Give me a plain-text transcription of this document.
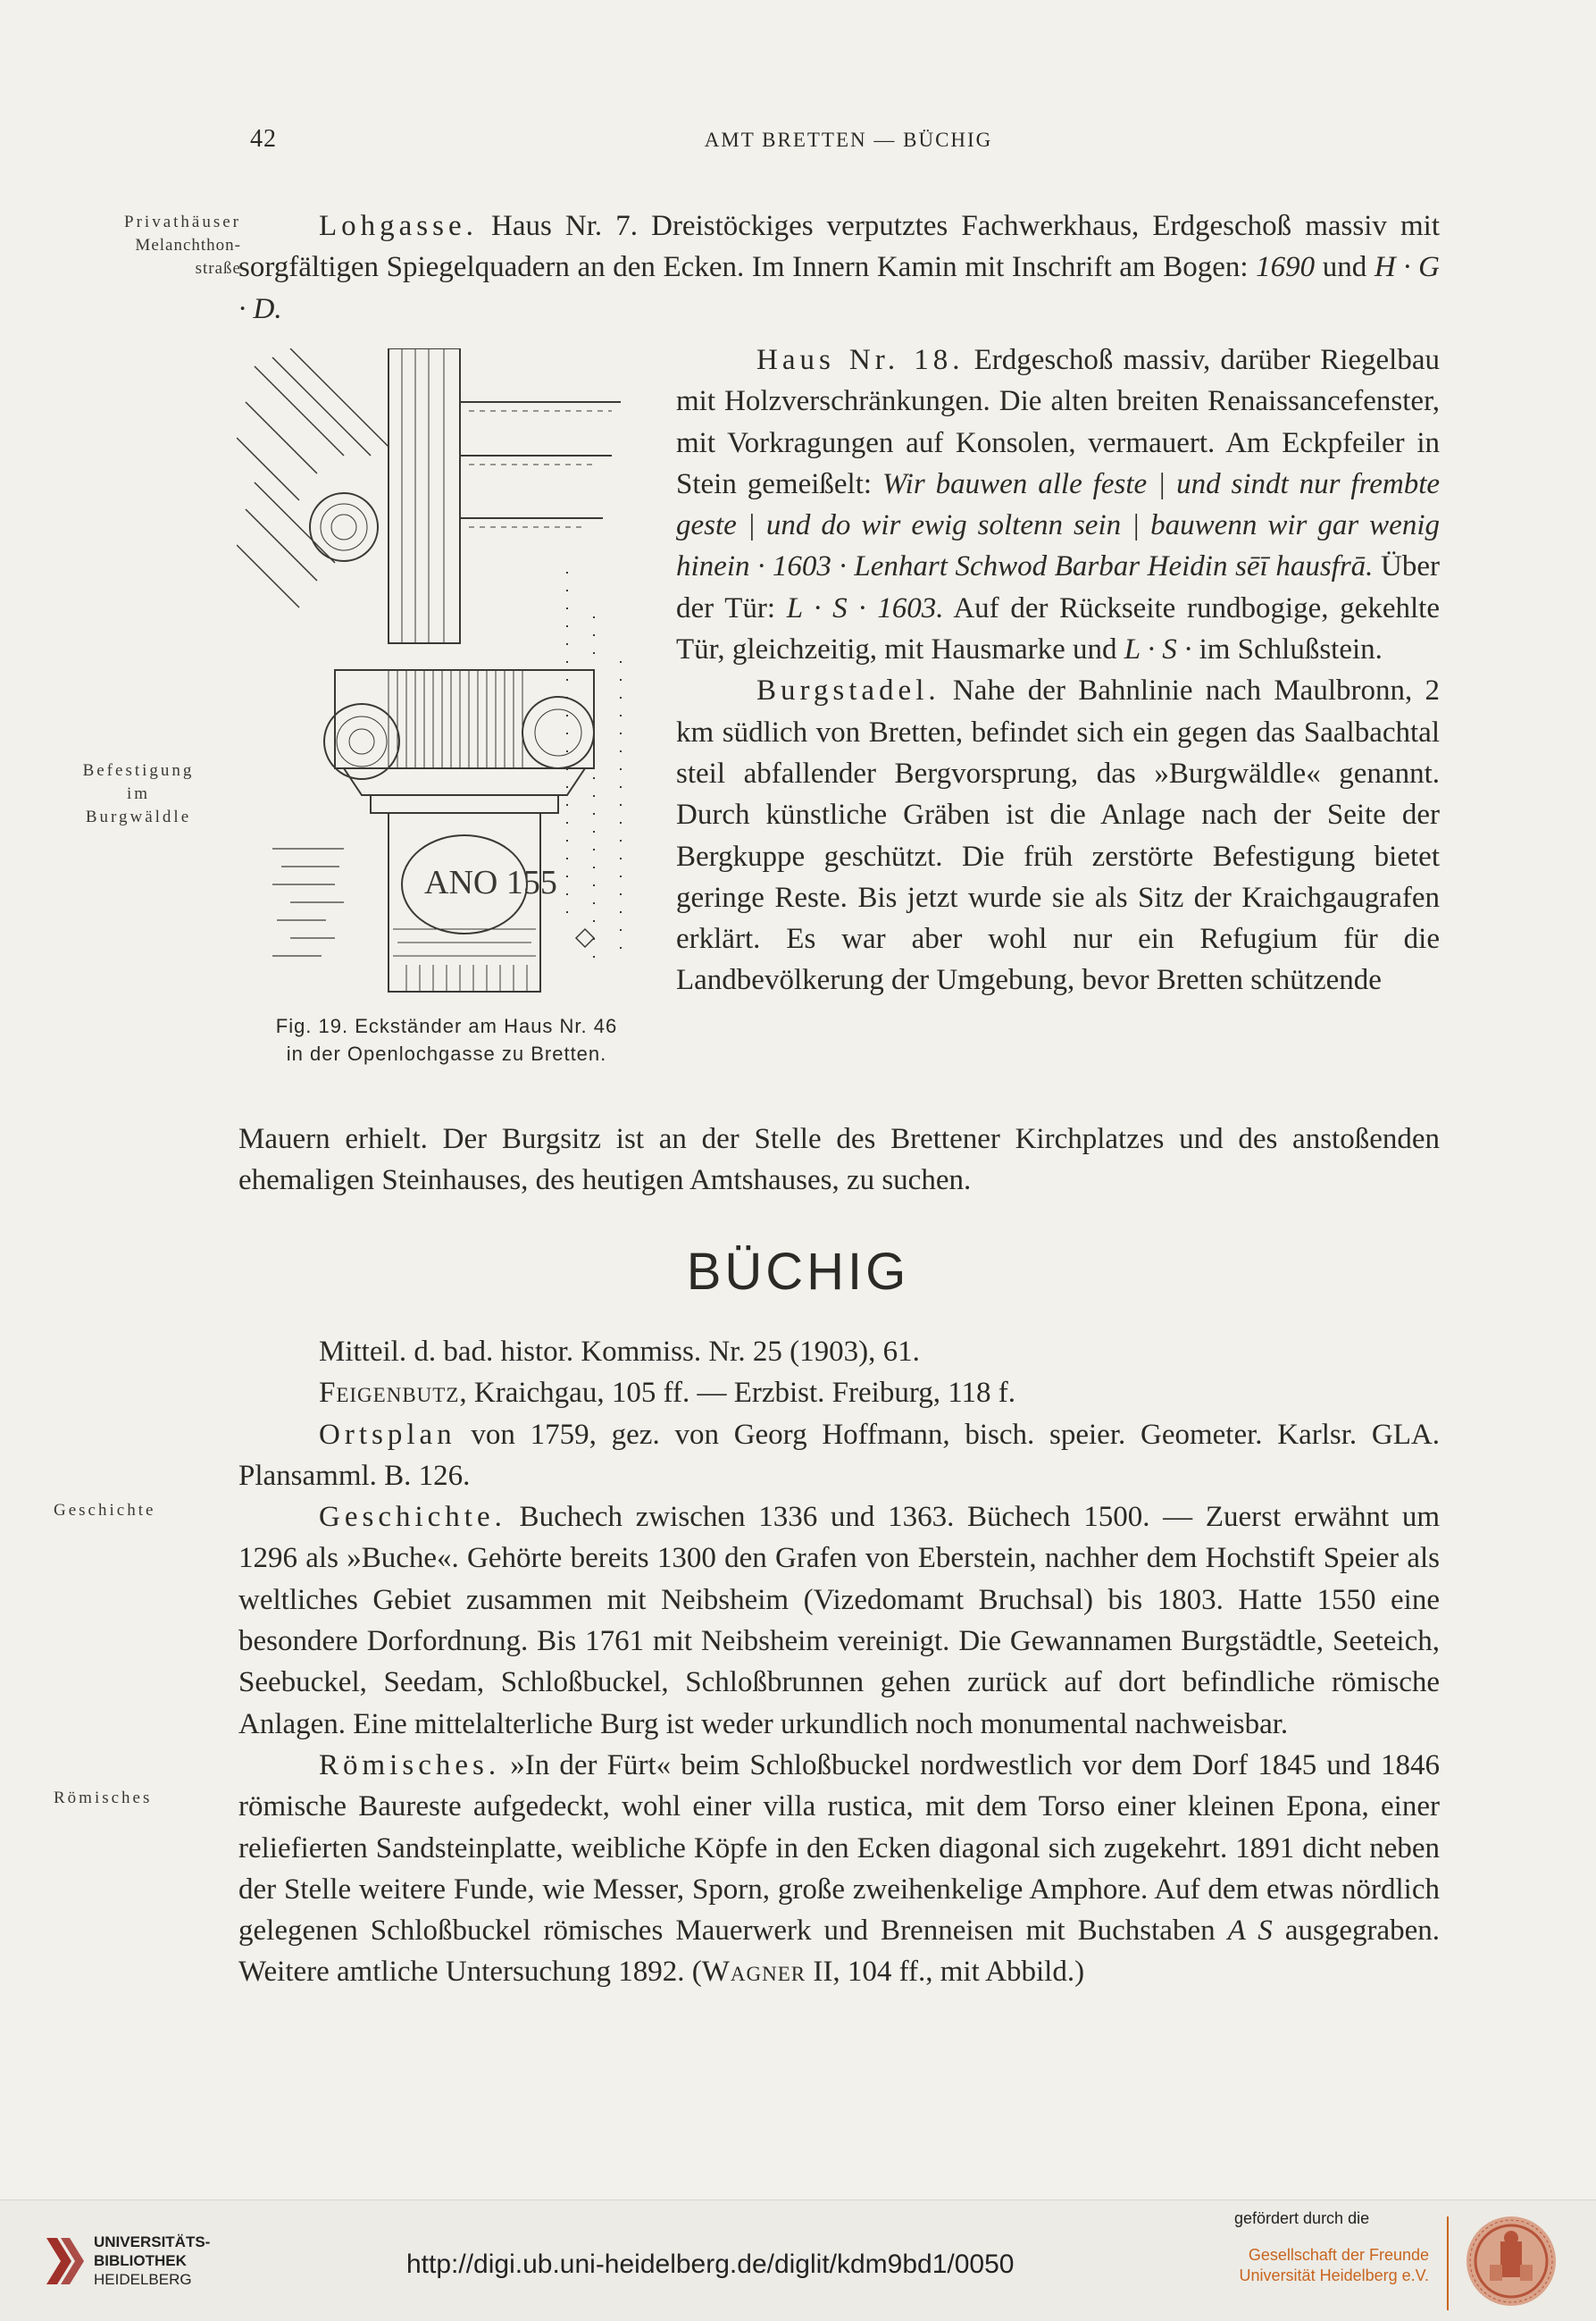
42	AMT BRETTEN — BÜCHIG
Privathäuser
Melanchthon-
straße
Befestigung
im
Burgwäldle
Geschichte
Römisches

Lohgasse. Haus Nr. 7. Dreistöckiges verputztes Fachwerkhaus, Erdgeschoß massiv mit sorgfältigen Spiegelquadern an den Ecken. Im Innern Kamin mit Inschrift am Bogen: 1690 und H · G · D.

ANO 155
Fig. 19. Eckständer am Haus Nr. 46
in der Openlochgasse zu Bretten.

Haus Nr. 18. Erdgeschoß massiv, darüber Riegelbau mit Holzverschränkungen. Die alten breiten Renaissancefenster, mit Vorkragungen auf Konsolen, vermauert. Am Eckpfeiler in Stein gemeißelt: Wir bauwen alle feste | und sindt nur frembte geste | und do wir ewig soltenn sein | bauwenn wir gar wenig hinein · 1603 · Lenhart Schwod Barbar Heidin sēī hausfrā. Über der Tür: L · S · 1603. Auf der Rückseite rundbogige, gekehlte Tür, gleichzeitig, mit Hausmarke und L · S · im Schlußstein.

Burgstadel. Nahe der Bahnlinie nach Maulbronn, 2 km südlich von Bretten, befindet sich ein gegen das Saalbachtal steil abfallender Bergvorsprung, das »Burgwäldle« genannt. Durch künstliche Gräben ist die Anlage nach der Seite der Bergkuppe geschützt. Die früh zerstörte Befestigung bietet geringe Reste. Bis jetzt wurde sie als Sitz der Kraichgaugrafen erklärt. Es war aber wohl nur ein Refugium für die Landbevölkerung der Umgebung, bevor Bretten schützende

Mauern erhielt. Der Burgsitz ist an der Stelle des Brettener Kirchplatzes und des anstoßenden ehemaligen Steinhauses, des heutigen Amtshauses, zu suchen.

BÜCHIG

Mitteil. d. bad. histor. Kommiss. Nr. 25 (1903), 61.

Feigenbutz, Kraichgau, 105 ff. — Erzbist. Freiburg, 118 f.

Ortsplan von 1759, gez. von Georg Hoffmann, bisch. speier. Geometer. Karlsr. GLA. Plansamml. B. 126.

Geschichte. Buchech zwischen 1336 und 1363. Büchech 1500. — Zuerst erwähnt um 1296 als »Buche«. Gehörte bereits 1300 den Grafen von Eberstein, nachher dem Hochstift Speier als weltliches Gebiet zusammen mit Neibsheim (Vizedomamt Bruchsal) bis 1803. Hatte 1550 eine besondere Dorfordnung. Bis 1761 mit Neibsheim vereinigt. Die Gewannamen Burgstädtle, Seeteich, Seebuckel, Seedam, Schloßbuckel, Schloßbrunnen gehen zurück auf dort befindliche römische Anlagen. Eine mittelalterliche Burg ist weder urkundlich noch monumental nachweisbar.

Römisches. »In der Fürt« beim Schloßbuckel nordwestlich vor dem Dorf 1845 und 1846 römische Baureste aufgedeckt, wohl einer villa rustica, mit dem Torso einer kleinen Epona, einer reliefierten Sandsteinplatte, weibliche Köpfe in den Ecken diagonal sich zugekehrt. 1891 dicht neben der Stelle weitere Funde, wie Messer, Sporn, große zweihenkelige Amphore. Auf dem etwas nördlich gelegenen Schloßbuckel römisches Mauerwerk und Brenneisen mit Buchstaben A S ausgegraben. Weitere amtliche Untersuchung 1892. (Wagner II, 104 ff., mit Abbild.)

UNIVERSITÄTS-
BIBLIOTHEK
HEIDELBERG
http://digi.ub.uni-heidelberg.de/diglit/kdm9bd1/0050
gefördert durch die
Gesellschaft der Freunde
Universität Heidelberg e.V.
